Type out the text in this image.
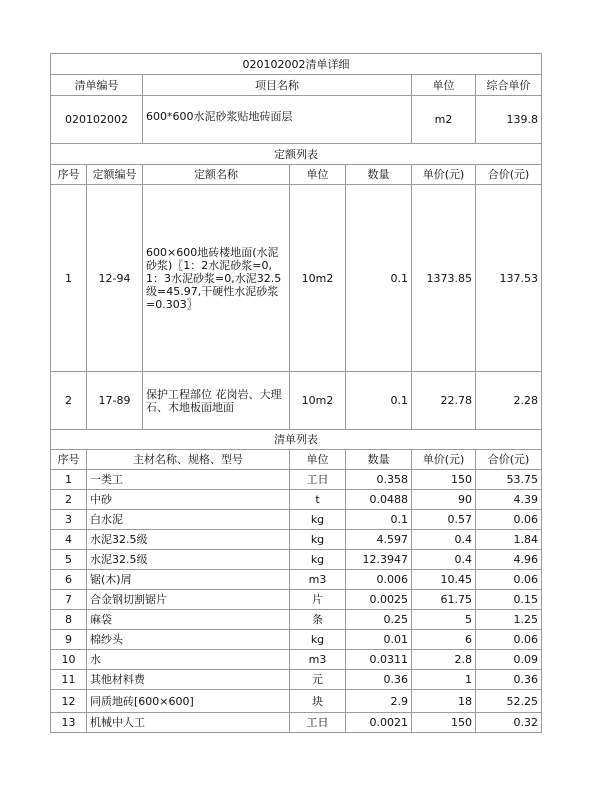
020102002清单详细						
清单编号		项目名称			单位	综合单价
020102002		600*600水泥砂浆贴地砖面层			m2	139.8
定额列表						
序号	定额编号	定额名称	单位	数量	单价(元)	合价(元)
1	12-94	600×600地砖楼地面(水泥砂浆)〖1：2水泥砂浆=0,1：3水泥砂浆=0,水泥32.5级=45.97,干硬性水泥砂浆=0.303〗	10m2	0.1	1373.85	137.53
2	17-89	保护工程部位 花岗岩、大理石、木地板面地面	10m2	0.1	22.78	2.28
清单列表						
序号	主材名称、规格、型号		单位	数量	单价(元)	合价(元)
1	一类工		工日	0.358	150	53.75
2	中砂		t	0.0488	90	4.39
3	白水泥		kg	0.1	0.57	0.06
4	水泥32.5级		kg	4.597	0.4	1.84
5	水泥32.5级		kg	12.3947	0.4	4.96
6	锯(木)屑		m3	0.006	10.45	0.06
7	合金钢切割锯片		片	0.0025	61.75	0.15
8	麻袋		条	0.25	5	1.25
9	棉纱头		kg	0.01	6	0.06
10	水		m3	0.0311	2.8	0.09
11	其他材料费		元	0.36	1	0.36
12	同质地砖[600×600]		块	2.9	18	52.25
13	机械中人工		工日	0.0021	150	0.32
